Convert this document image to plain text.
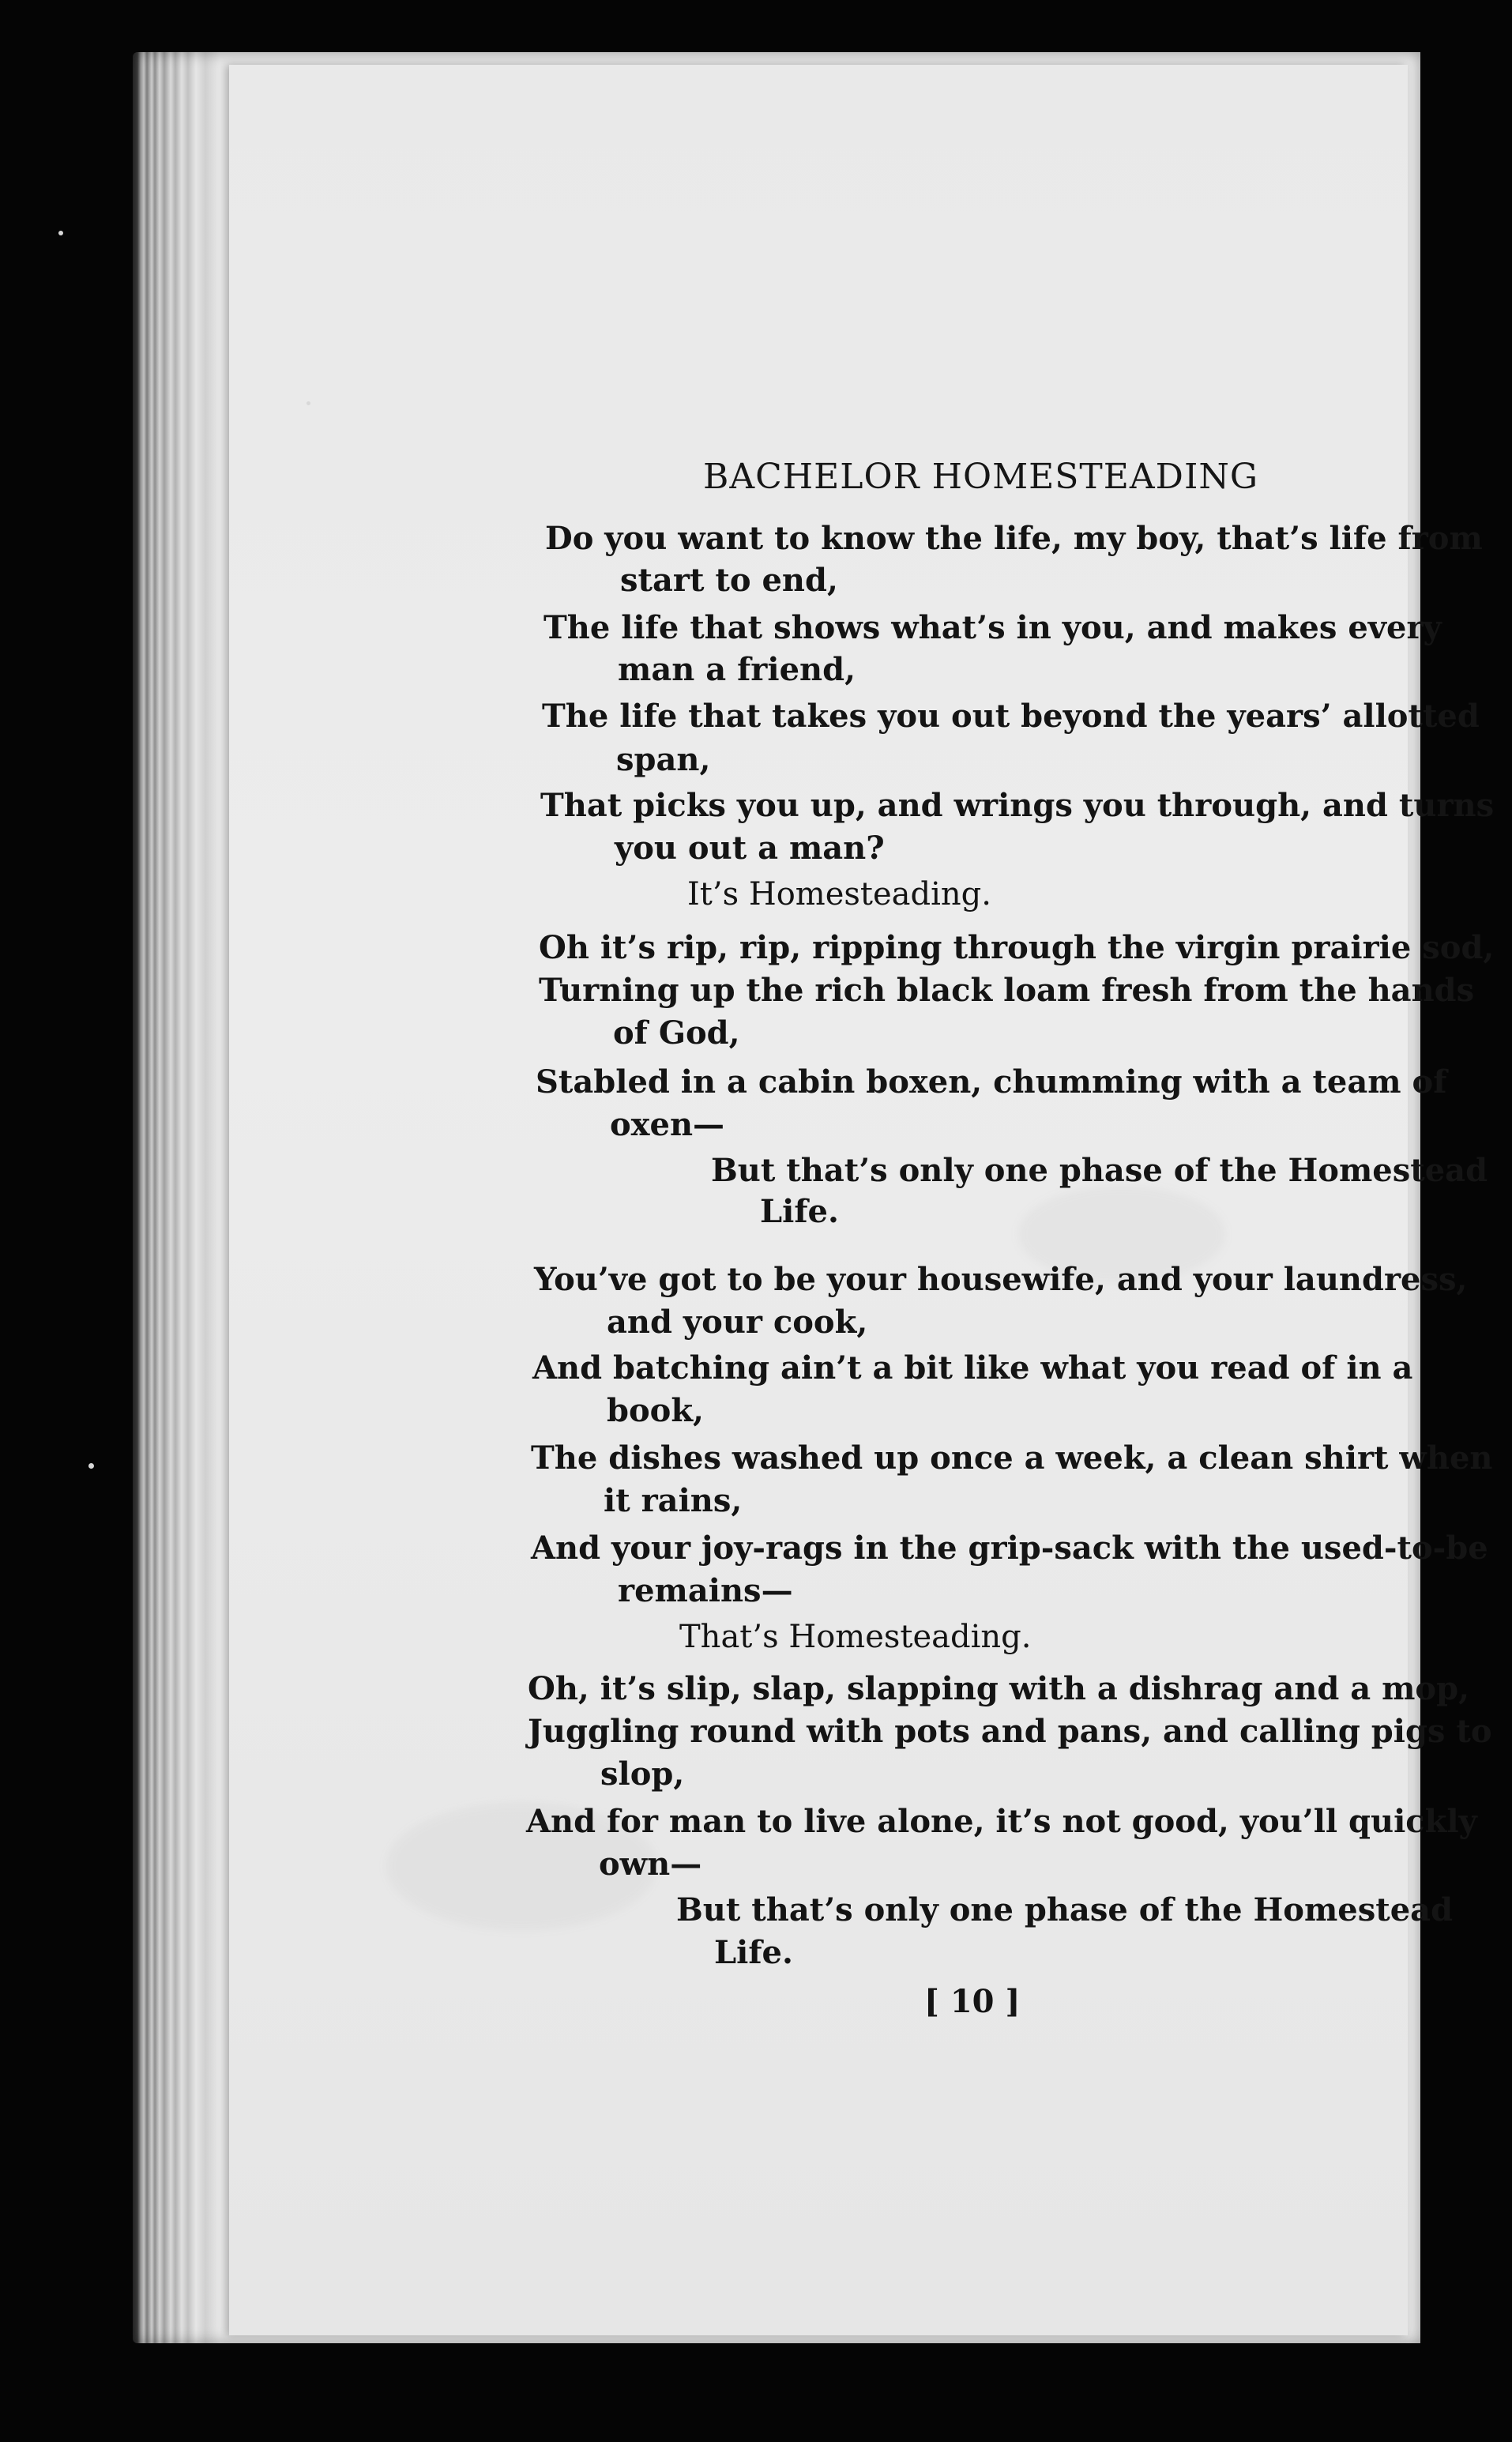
BACHELOR HOMESTEADING
Do you want to know the life, my boy, that’s life from
start to end,
The life that shows what’s in you, and makes every
man a friend,
The life that takes you out beyond the years’ allotted
span,
That picks you up, and wrings you through, and turns
you out a man?
It’s Homesteading.
Oh it’s rip, rip, ripping through the virgin prairie sod,
Turning up the rich black loam fresh from the hands
of God,
Stabled in a cabin boxen, chumming with a team of
oxen—
But that’s only one phase of the Homestead
Life.
You’ve got to be your housewife, and your laundress,
and your cook,
And batching ain’t a bit like what you read of in a
book,
The dishes washed up once a week, a clean shirt when
it rains,
And your joy-rags in the grip-sack with the used-to-be
remains—
That’s Homesteading.
Oh, it’s slip, slap, slapping with a dishrag and a mop,
Juggling round with pots and pans, and calling pigs to
slop,
And for man to live alone, it’s not good, you’ll quickly
own—
But that’s only one phase of the Homestead
Life.
[ 10 ]
